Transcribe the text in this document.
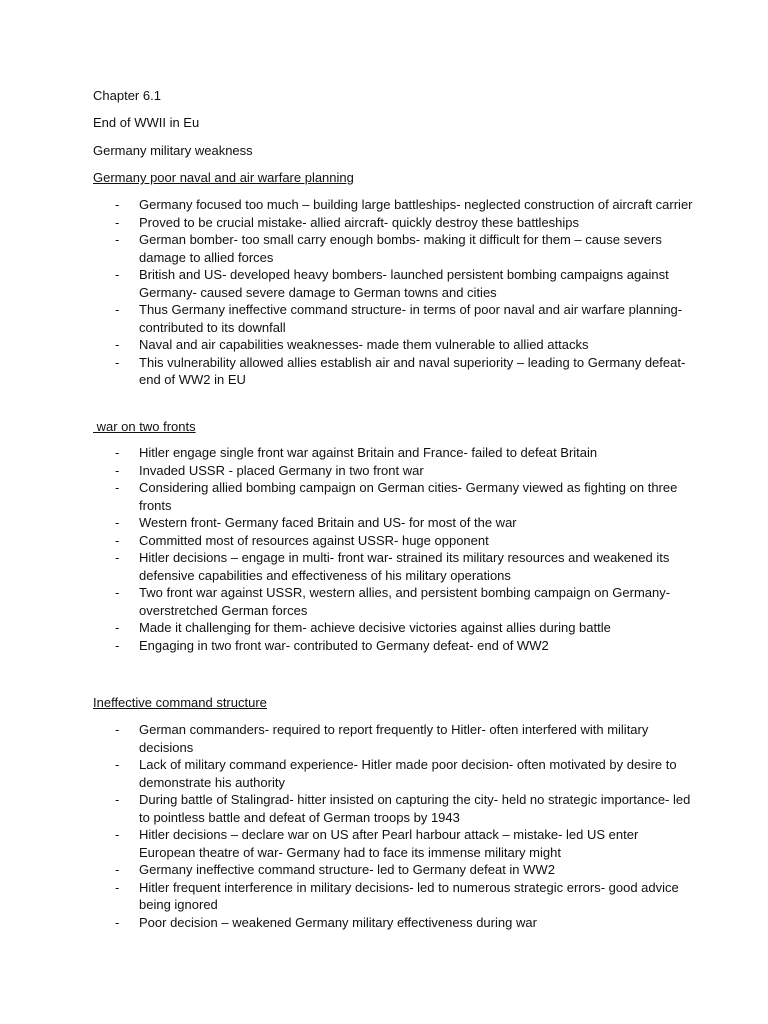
Chapter 6.1

End of WWII in Eu

Germany military weakness

Germany poor naval and air warfare planning

- Germany focused too much – building large battleships- neglected construction of aircraft carrier
- Proved to be crucial mistake- allied aircraft- quickly destroy these battleships
- German bomber- too small carry enough bombs- making it difficult for them – cause severs damage to allied forces
- British and US- developed heavy bombers- launched persistent bombing campaigns against Germany- caused severe damage to German towns and cities
- Thus Germany ineffective command structure- in terms of poor naval and air warfare planning- contributed to its downfall
- Naval and air capabilities weaknesses- made them vulnerable to allied attacks
- This vulnerability allowed allies establish air and naval superiority – leading to Germany defeat- end of WW2 in EU

war on two fronts

- Hitler engage single front war against Britain and France- failed to defeat Britain
- Invaded USSR - placed Germany in two front war
- Considering allied bombing campaign on German cities- Germany viewed as fighting on three fronts
- Western front- Germany faced Britain and US- for most of the war
- Committed most of resources against USSR- huge opponent
- Hitler decisions – engage in multi- front war- strained its military resources and weakened its defensive capabilities and effectiveness of his military operations
- Two front war against USSR, western allies, and persistent bombing campaign on Germany- overstretched German forces
- Made it challenging for them- achieve decisive victories against allies during battle
- Engaging in two front war- contributed to Germany defeat- end of WW2

Ineffective command structure

- German commanders- required to report frequently to Hitler- often interfered with military decisions
- Lack of military command experience- Hitler made poor decision- often motivated by desire to demonstrate his authority
- During battle of Stalingrad- hitter insisted on capturing the city- held no strategic importance- led to pointless battle and defeat of German troops by 1943
- Hitler decisions – declare war on US after Pearl harbour attack – mistake- led US enter European theatre of war- Germany had to face its immense military might
- Germany ineffective command structure- led to Germany defeat in WW2
- Hitler frequent interference in military decisions- led to numerous strategic errors- good advice being ignored
- Poor decision – weakened Germany military effectiveness during war
